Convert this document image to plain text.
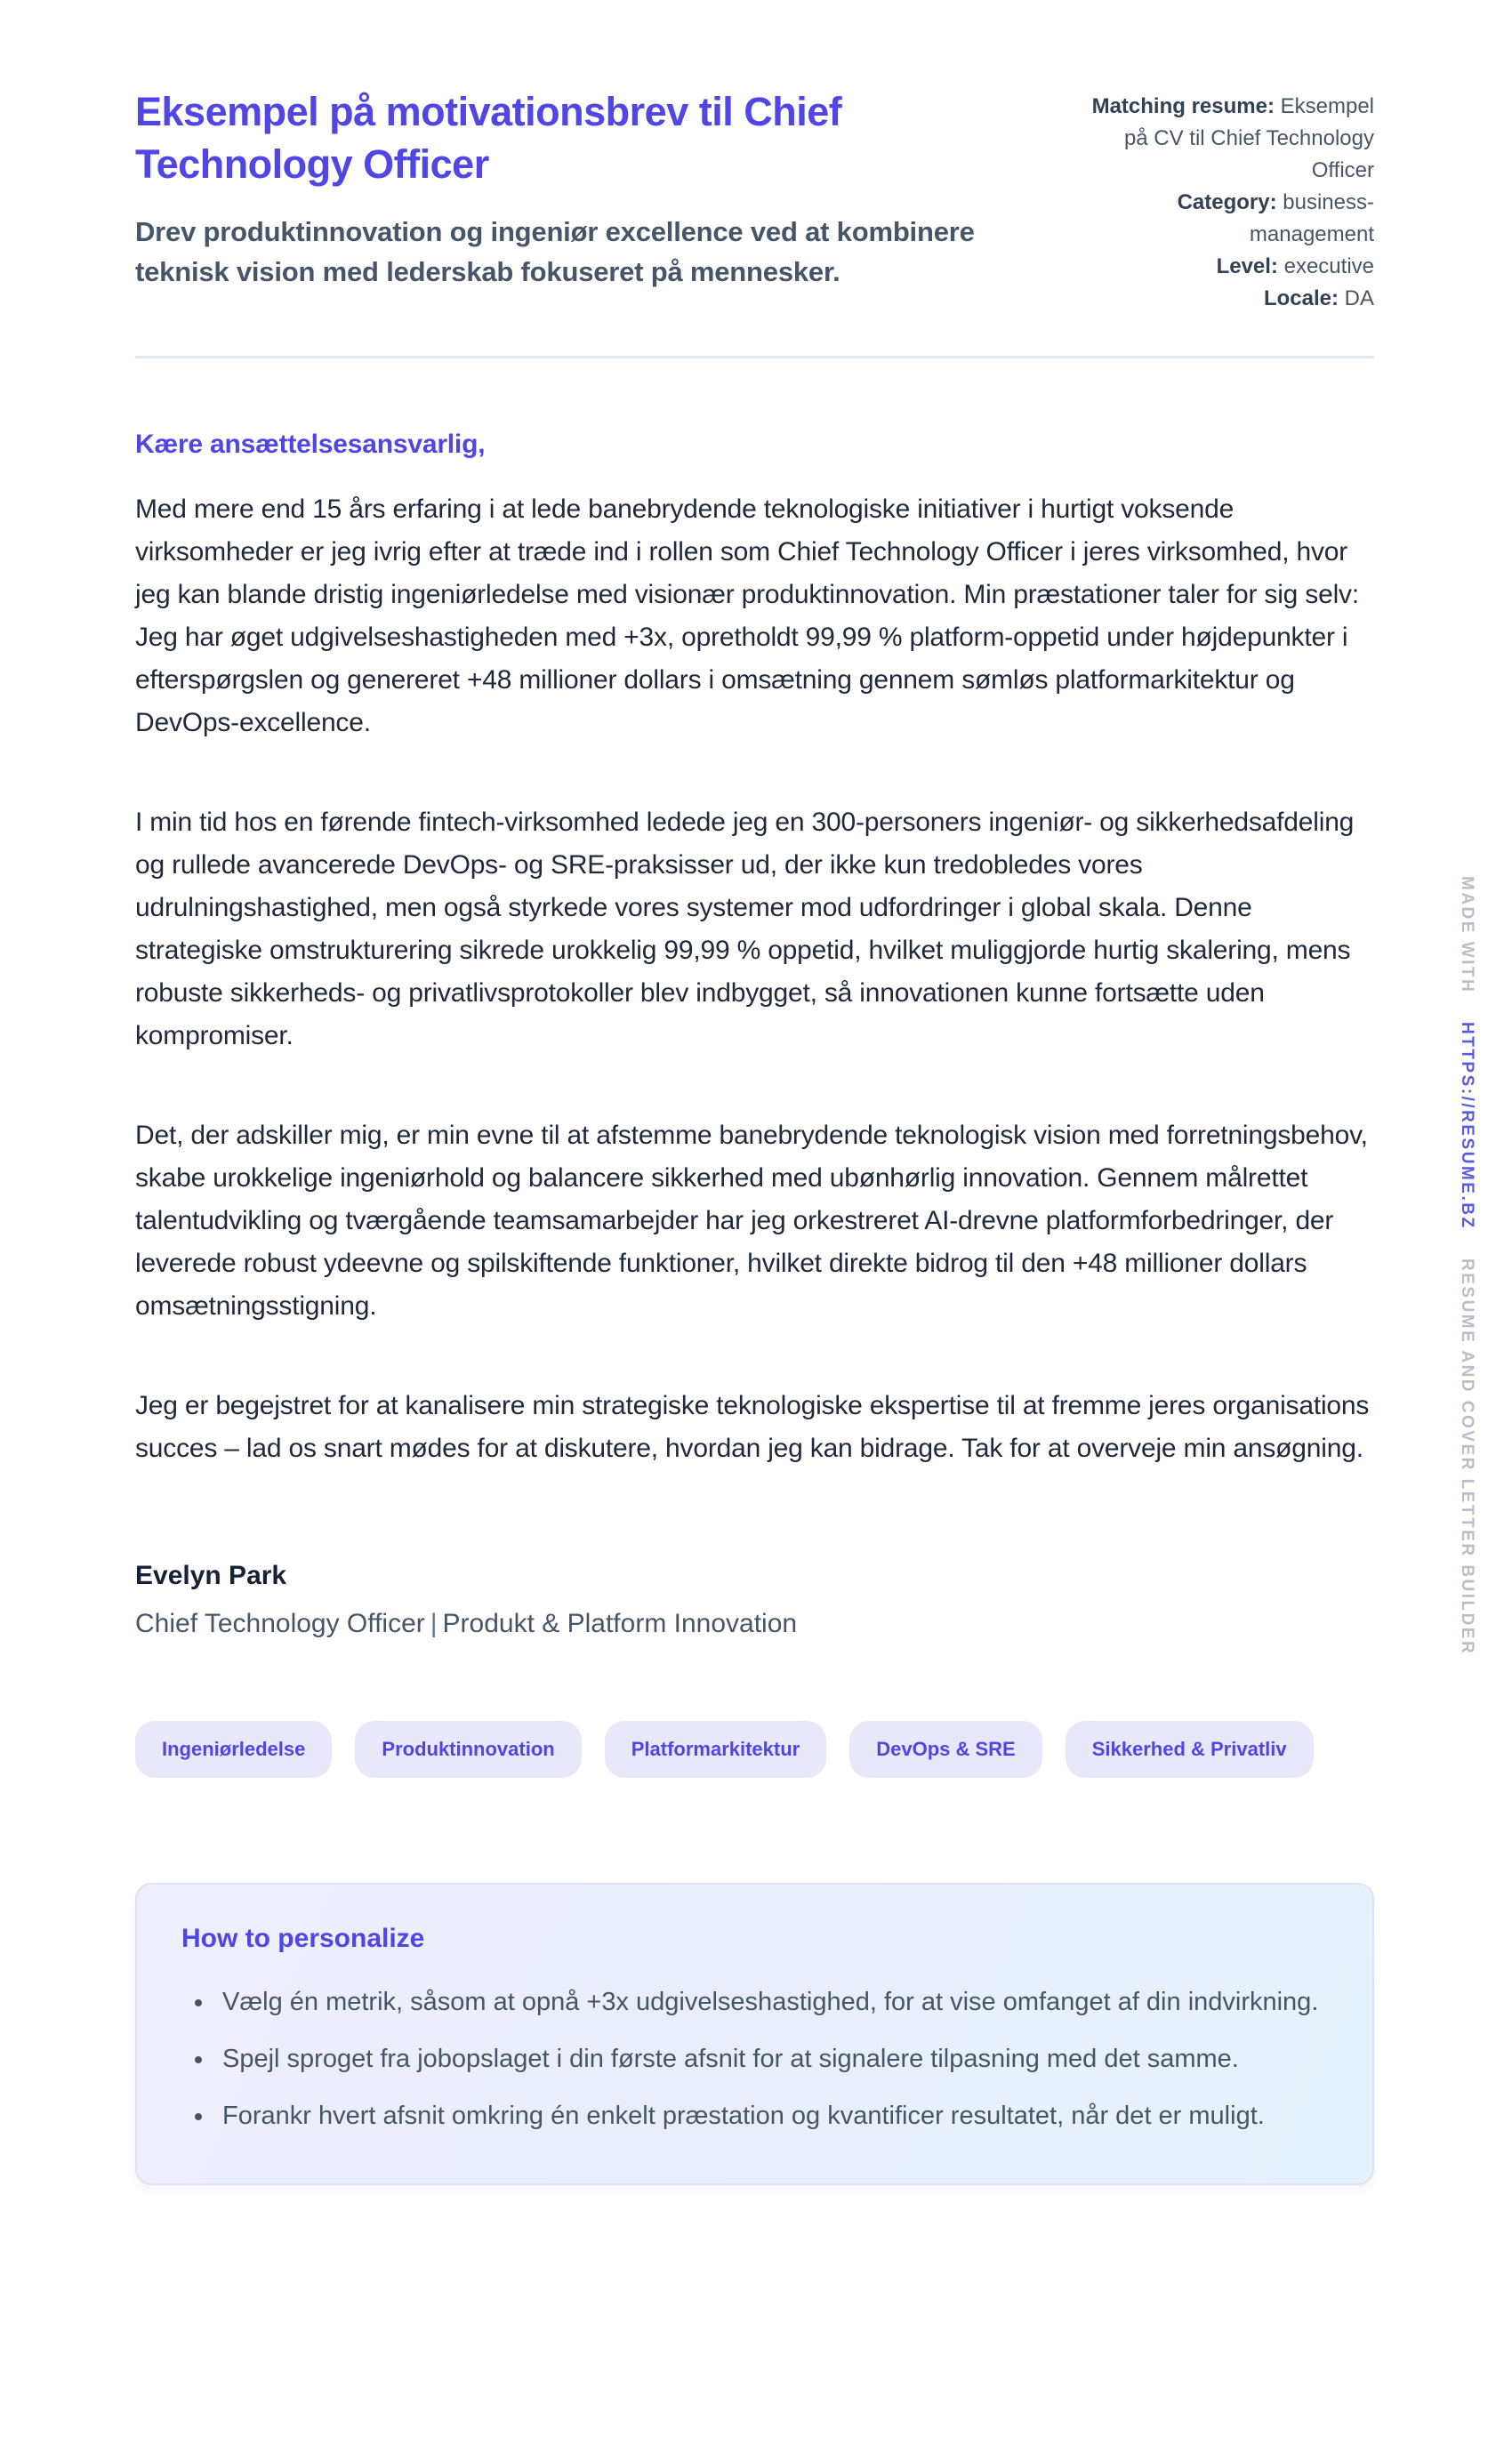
Eksempel på motivationsbrev til Chief Technology Officer

Drev produktinnovation og ingeniør excellence ved at kombinere teknisk vision med lederskab fokuseret på mennesker.

Matching resume: Eksempel på CV til Chief Technology Officer

Category: business-management

Level: executive

Locale: DA

Kære ansættelsesansvarlig,

Med mere end 15 års erfaring i at lede banebrydende teknologiske initiativer i hurtigt voksende virksomheder er jeg ivrig efter at træde ind i rollen som Chief Technology Officer i jeres virksomhed, hvor jeg kan blande dristig ingeniørledelse med visionær produktinnovation. Min præstationer taler for sig selv: Jeg har øget udgivelseshastigheden med +3x, opretholdt 99,99 % platform-oppetid under højdepunkter i efterspørgslen og genereret +48 millioner dollars i omsætning gennem sømløs platformarkitektur og DevOps-excellence.

I min tid hos en førende fintech-virksomhed ledede jeg en 300-personers ingeniør- og sikkerhedsafdeling og rullede avancerede DevOps- og SRE-praksisser ud, der ikke kun tredobledes vores udrulningshastighed, men også styrkede vores systemer mod udfordringer i global skala. Denne strategiske omstrukturering sikrede urokkelig 99,99 % oppetid, hvilket muliggjorde hurtig skalering, mens robuste sikkerheds- og privatlivsprotokoller blev indbygget, så innovationen kunne fortsætte uden kompromiser.

Det, der adskiller mig, er min evne til at afstemme banebrydende teknologisk vision med forretningsbehov, skabe urokkelige ingeniørhold og balancere sikkerhed med ubønhørlig innovation. Gennem målrettet talentudvikling og tværgående teamsamarbejder har jeg orkestreret AI-drevne platformforbedringer, der leverede robust ydeevne og spilskiftende funktioner, hvilket direkte bidrog til den +48 millioner dollars omsætningsstigning.

Jeg er begejstret for at kanalisere min strategiske teknologiske ekspertise til at fremme jeres organisations succes – lad os snart mødes for at diskutere, hvordan jeg kan bidrage. Tak for at overveje min ansøgning.

Evelyn Park

Chief Technology Officer | Produkt & Platform Innovation

Ingeniørledelse	Produktinnovation	Platformarkitektur	DevOps & SRE	Sikkerhed & Privatliv
How to personalize
• Vælg én metrik, såsom at opnå +3x udgivelseshastighed, for at vise omfanget af din indvirkning.
• Spejl sproget fra jobopslaget i din første afsnit for at signalere tilpasning med det samme.
• Forankr hvert afsnit omkring én enkelt præstation og kvantificer resultatet, når det er muligt.
MADE WITH
HTTPS://RESUME.BZ
RESUME AND COVER LETTER BUILDER
